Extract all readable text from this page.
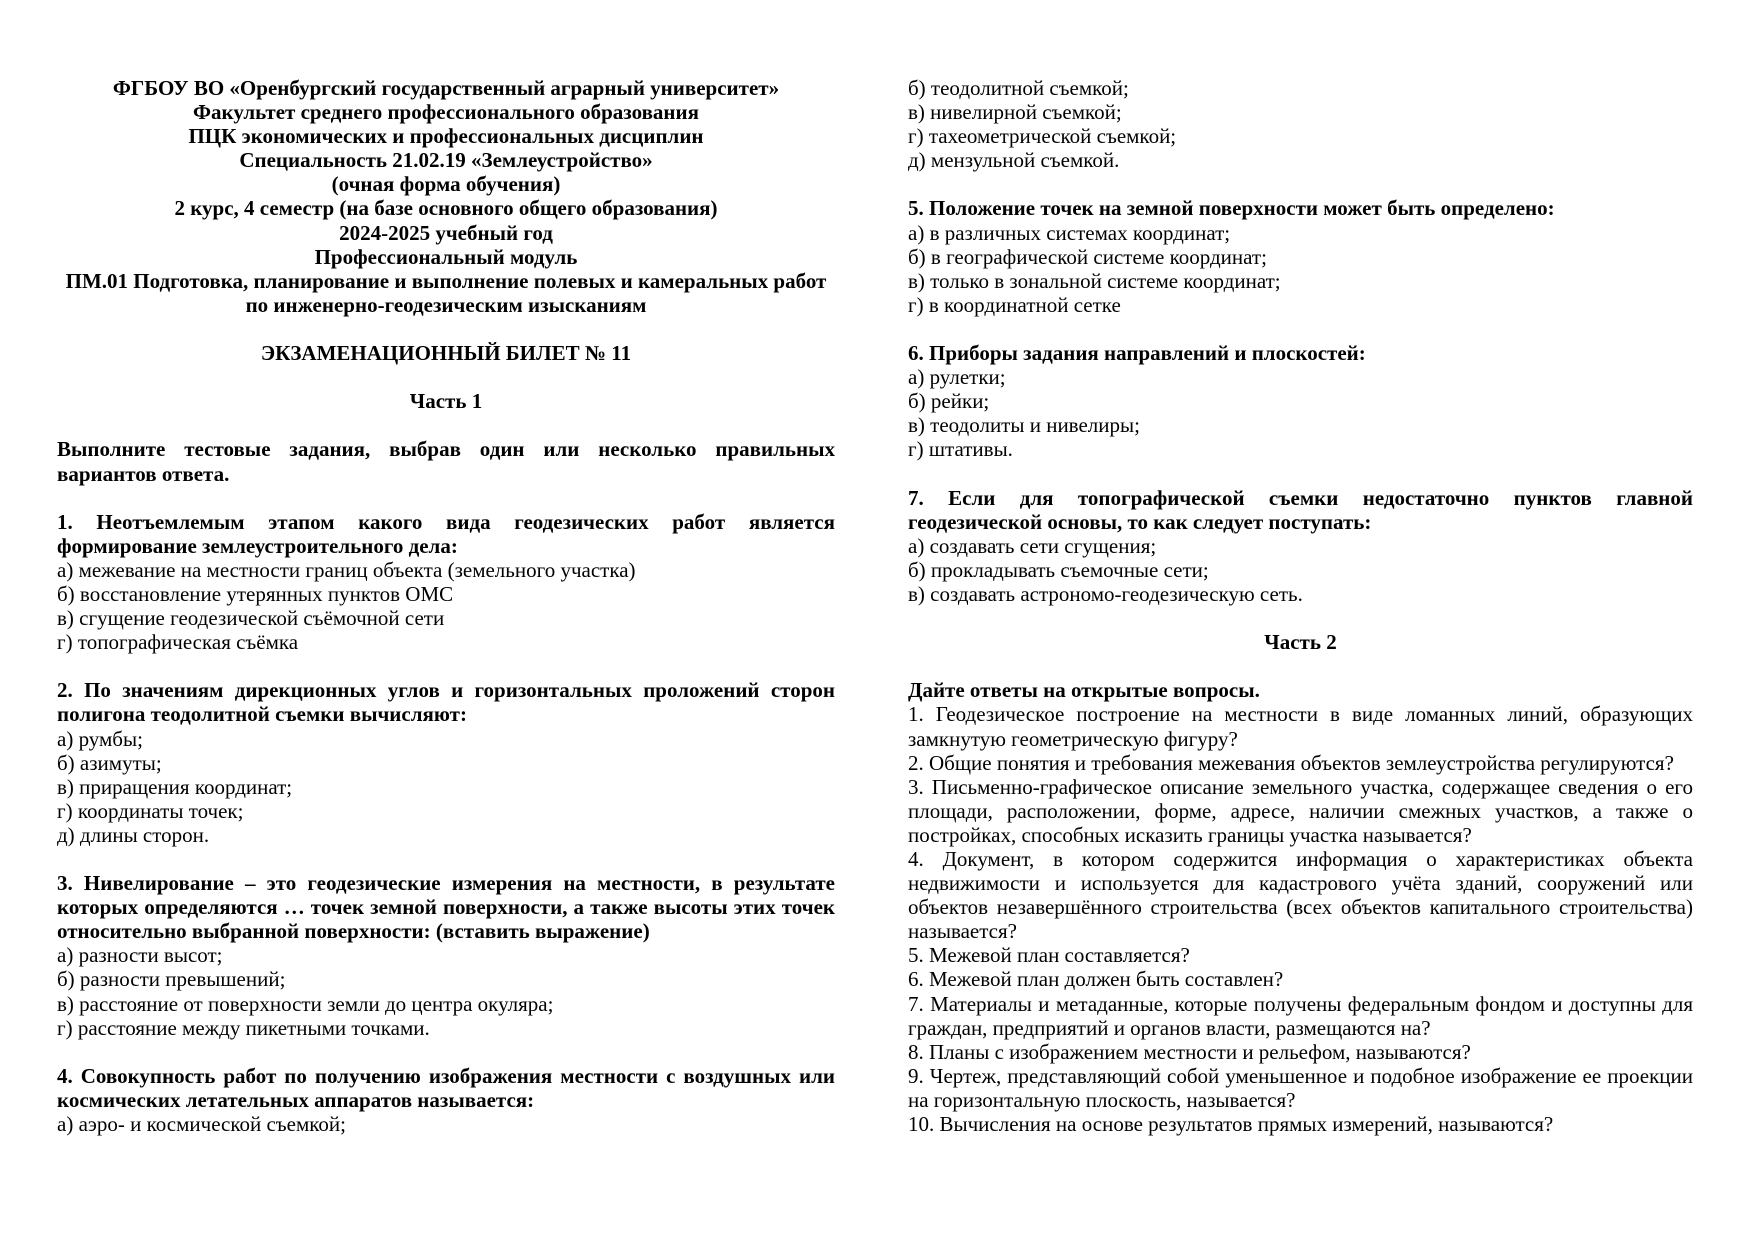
ФГБОУ ВО «Оренбургский государственный аграрный университет»
Факультет среднего профессионального образования
ПЦК экономических и профессиональных дисциплин
Специальность 21.02.19 «Землеустройство»
(очная форма обучения)
2 курс, 4 семестр (на базе основного общего образования)
2024-2025 учебный год
Профессиональный модуль
ПМ.01 Подготовка, планирование и выполнение полевых и камеральных работ
по инженерно-геодезическим изысканиям
ЭКЗАМЕНАЦИОННЫЙ БИЛЕТ № 11
Часть 1

Выполните тестовые задания, выбрав один или несколько правильных вариантов ответа.

1. Неотъемлемым этапом какого вида геодезических работ является формирование землеустроительного дела:

а) межевание на местности границ объекта (земельного участка)

б) восстановление утерянных пунктов ОМС

в) сгущение геодезической съёмочной сети

г) топографическая съёмка

2. По значениям дирекционных углов и горизонтальных проложений сторон полигона теодолитной съемки вычисляют:

а) румбы;

б) азимуты;

в) приращения координат;

г) координаты точек;

д) длины сторон.

3. Нивелирование – это геодезические измерения на местности, в результате которых определяются … точек земной поверхности, а также высоты этих точек относительно выбранной поверхности: (вставить выражение)

а) разности высот;

б) разности превышений;

в) расстояние от поверхности земли до центра окуляра;

г) расстояние между пикетными точками.

4. Совокупность работ по получению изображения местности с воздушных или космических летательных аппаратов называется:

а) аэро- и космической съемкой;

б) теодолитной съемкой;

в) нивелирной съемкой;

г) тахеометрической съемкой;

д) мензульной съемкой.

5. Положение точек на земной поверхности может быть определено:

а) в различных системах координат;

б) в географической системе координат;

в) только в зональной системе координат;

г) в координатной сетке

6. Приборы задания направлений и плоскостей:

а) рулетки;

б) рейки;

в) теодолиты и нивелиры;

г) штативы.

7. Если для топографической съемки недостаточно пунктов главной геодезической основы, то как следует поступать:

а) создавать сети сгущения;

б) прокладывать съемочные сети;

в) создавать астрономо-геодезическую сеть.

Часть 2

Дайте ответы на открытые вопросы.

1. Геодезическое построение на местности в виде ломанных линий, образующих замкнутую геометрическую фигуру?

2. Общие понятия и требования межевания объектов землеустройства регулируются?

3. Письменно-графическое описание земельного участка, содержащее сведения о его площади, расположении, форме, адресе, наличии смежных участков, а также о постройках, способных исказить границы участка называется?

4. Документ, в котором содержится информация о характеристиках объекта недвижимости и используется для кадастрового учёта зданий, сооружений или объектов незавершённого строительства (всех объектов капитального строительства) называется?

5. Межевой план составляется?

6. Межевой план должен быть составлен?

7. Материалы и метаданные, которые получены федеральным фондом и доступны для граждан, предприятий и органов власти, размещаются на?

8. Планы с изображением местности и рельефом, называются?

9. Чертеж, представляющий собой уменьшенное и подобное изображение ее проекции на горизонтальную плоскость, называется?

10. Вычисления на основе результатов прямых измерений, называются?
